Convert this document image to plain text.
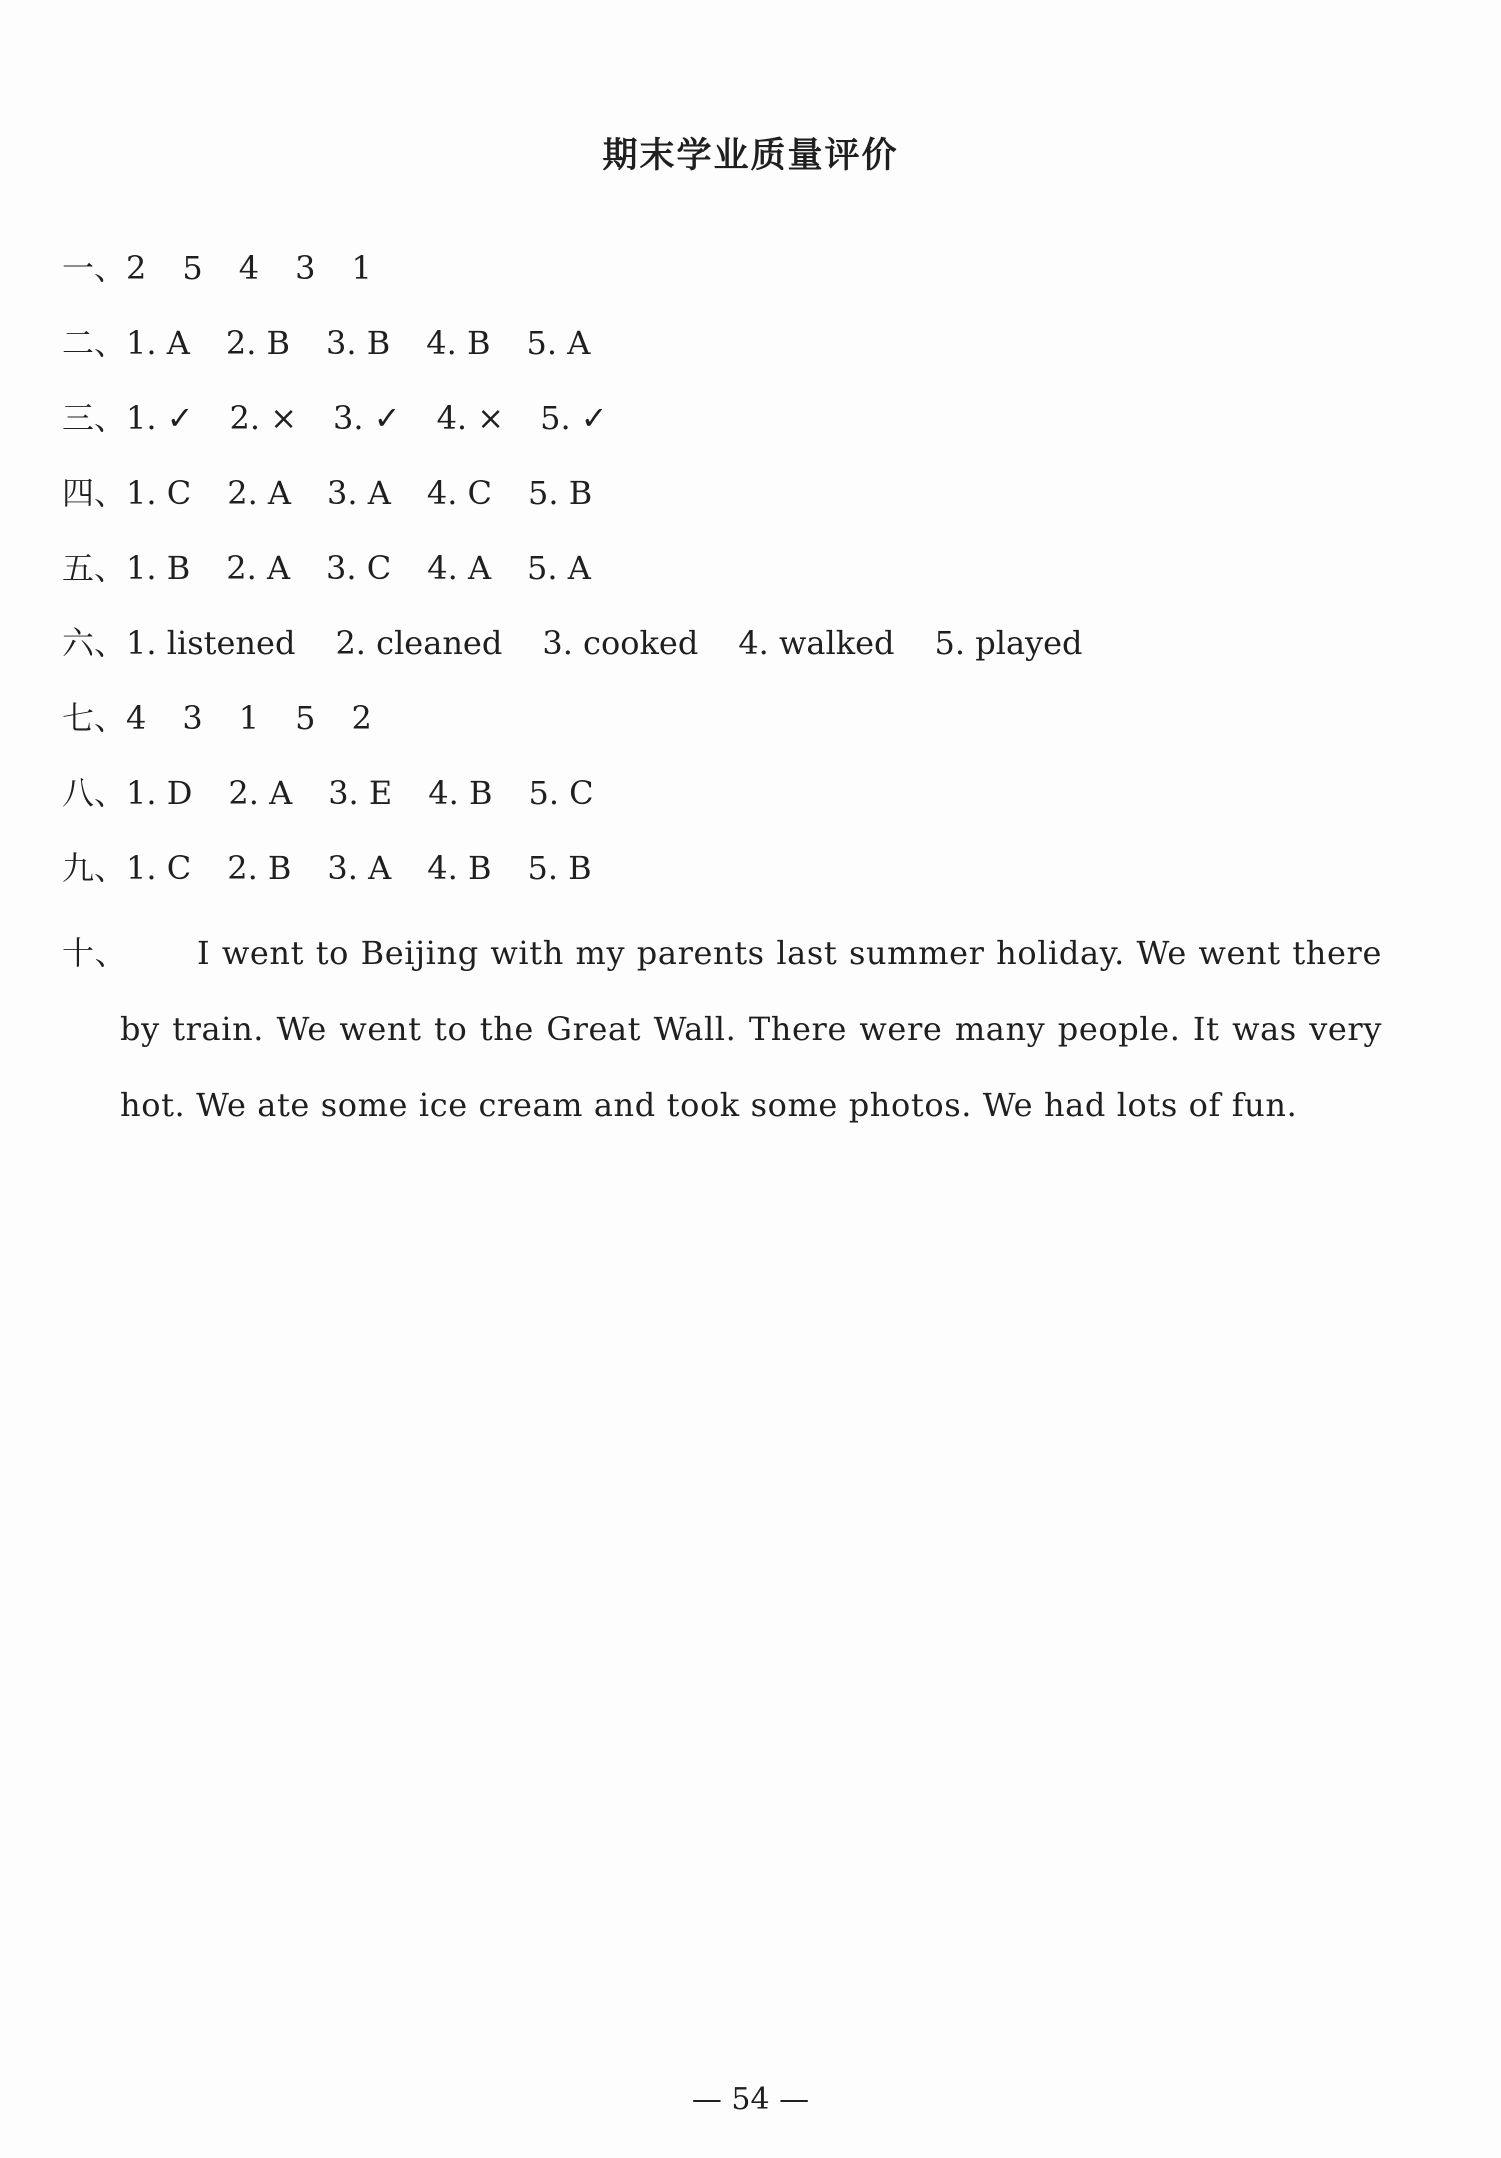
期末学业质量评价
一、2 5 4 3 1
二、1. A 2. B 3. B 4. B 5. A
三、1. ✓ 2. × 3. ✓ 4. × 5. ✓
四、1. C 2. A 3. A 4. C 5. B
五、1. B 2. A 3. C 4. A 5. A
六、1. listened 2. cleaned 3. cooked 4. walked 5. played
七、4 3 1 5 2
八、1. D 2. A 3. E 4. B 5. C
九、1. C 2. B 3. A 4. B 5. B
十、	I went to Beijing with my parents last summer holiday. We went there by train. We went to the Great Wall. There were many people. It was very hot. We ate some ice cream and took some photos. We had lots of fun.

— 54 —
